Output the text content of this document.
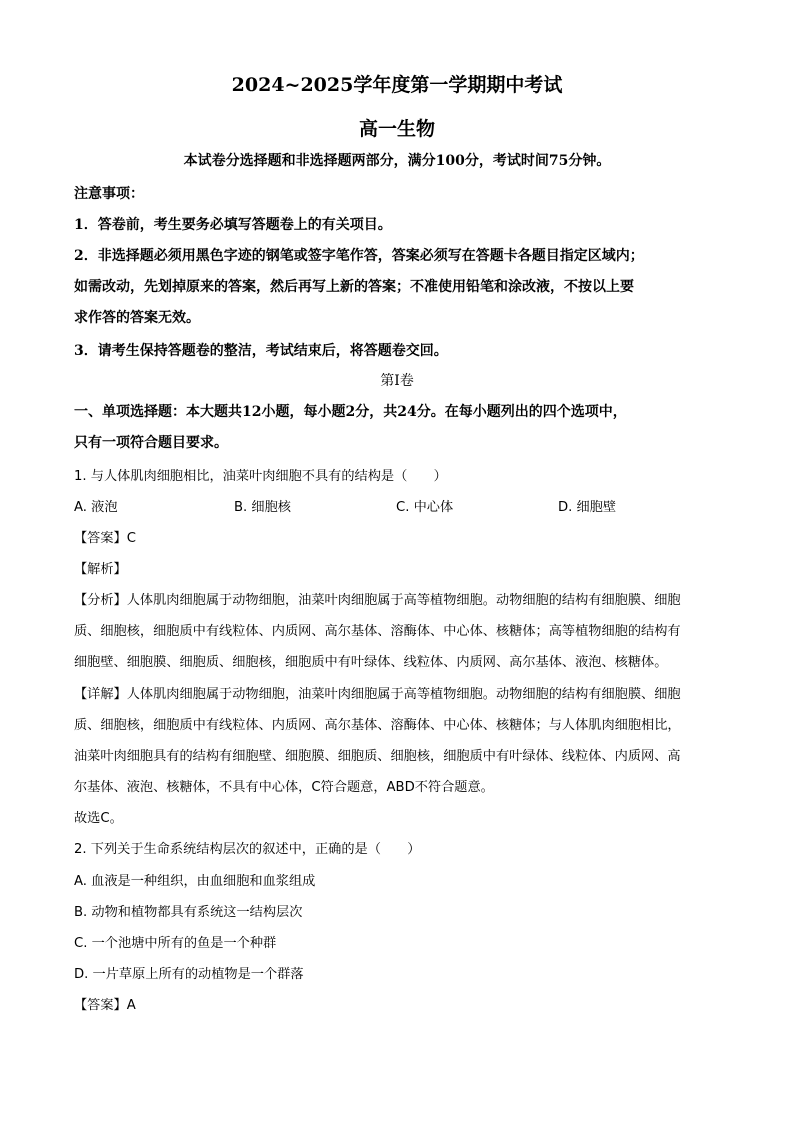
2024~2025学年度第一学期期中考试
高一生物
本试卷分选择题和非选择题两部分，满分100分，考试时间75分钟。
注意事项：
1．答卷前，考生要务必填写答题卷上的有关项目。
2．非选择题必须用黑色字迹的钢笔或签字笔作答，答案必须写在答题卡各题目指定区域内；
如需改动，先划掉原来的答案，然后再写上新的答案；不准使用铅笔和涂改液，不按以上要
求作答的答案无效。
3．请考生保持答题卷的整洁，考试结束后，将答题卷交回。
第Ⅰ卷
一、单项选择题：本大题共12小题，每小题2分，共24分。在每小题列出的四个选项中，
只有一项符合题目要求。
1. 与人体肌肉细胞相比，油菜叶肉细胞不具有的结构是（　　）
A. 液泡	B. 细胞核	C. 中心体	D. 细胞壁
【答案】C
【解析】
【分析】人体肌肉细胞属于动物细胞，油菜叶肉细胞属于高等植物细胞。动物细胞的结构有细胞膜、细胞
质、细胞核，细胞质中有线粒体、内质网、高尔基体、溶酶体、中心体、核糖体；高等植物细胞的结构有
细胞壁、细胞膜、细胞质、细胞核，细胞质中有叶绿体、线粒体、内质网、高尔基体、液泡、核糖体。
【详解】人体肌肉细胞属于动物细胞，油菜叶肉细胞属于高等植物细胞。动物细胞的结构有细胞膜、细胞
质、细胞核，细胞质中有线粒体、内质网、高尔基体、溶酶体、中心体、核糖体；与人体肌肉细胞相比，
油菜叶肉细胞具有的结构有细胞壁、细胞膜、细胞质、细胞核，细胞质中有叶绿体、线粒体、内质网、高
尔基体、液泡、核糖体，不具有中心体，C符合题意，ABD不符合题意。
故选C。
2. 下列关于生命系统结构层次的叙述中，正确的是（　　）
A. 血液是一种组织，由血细胞和血浆组成
B. 动物和植物都具有系统这一结构层次
C. 一个池塘中所有的鱼是一个种群
D. 一片草原上所有的动植物是一个群落
【答案】A
